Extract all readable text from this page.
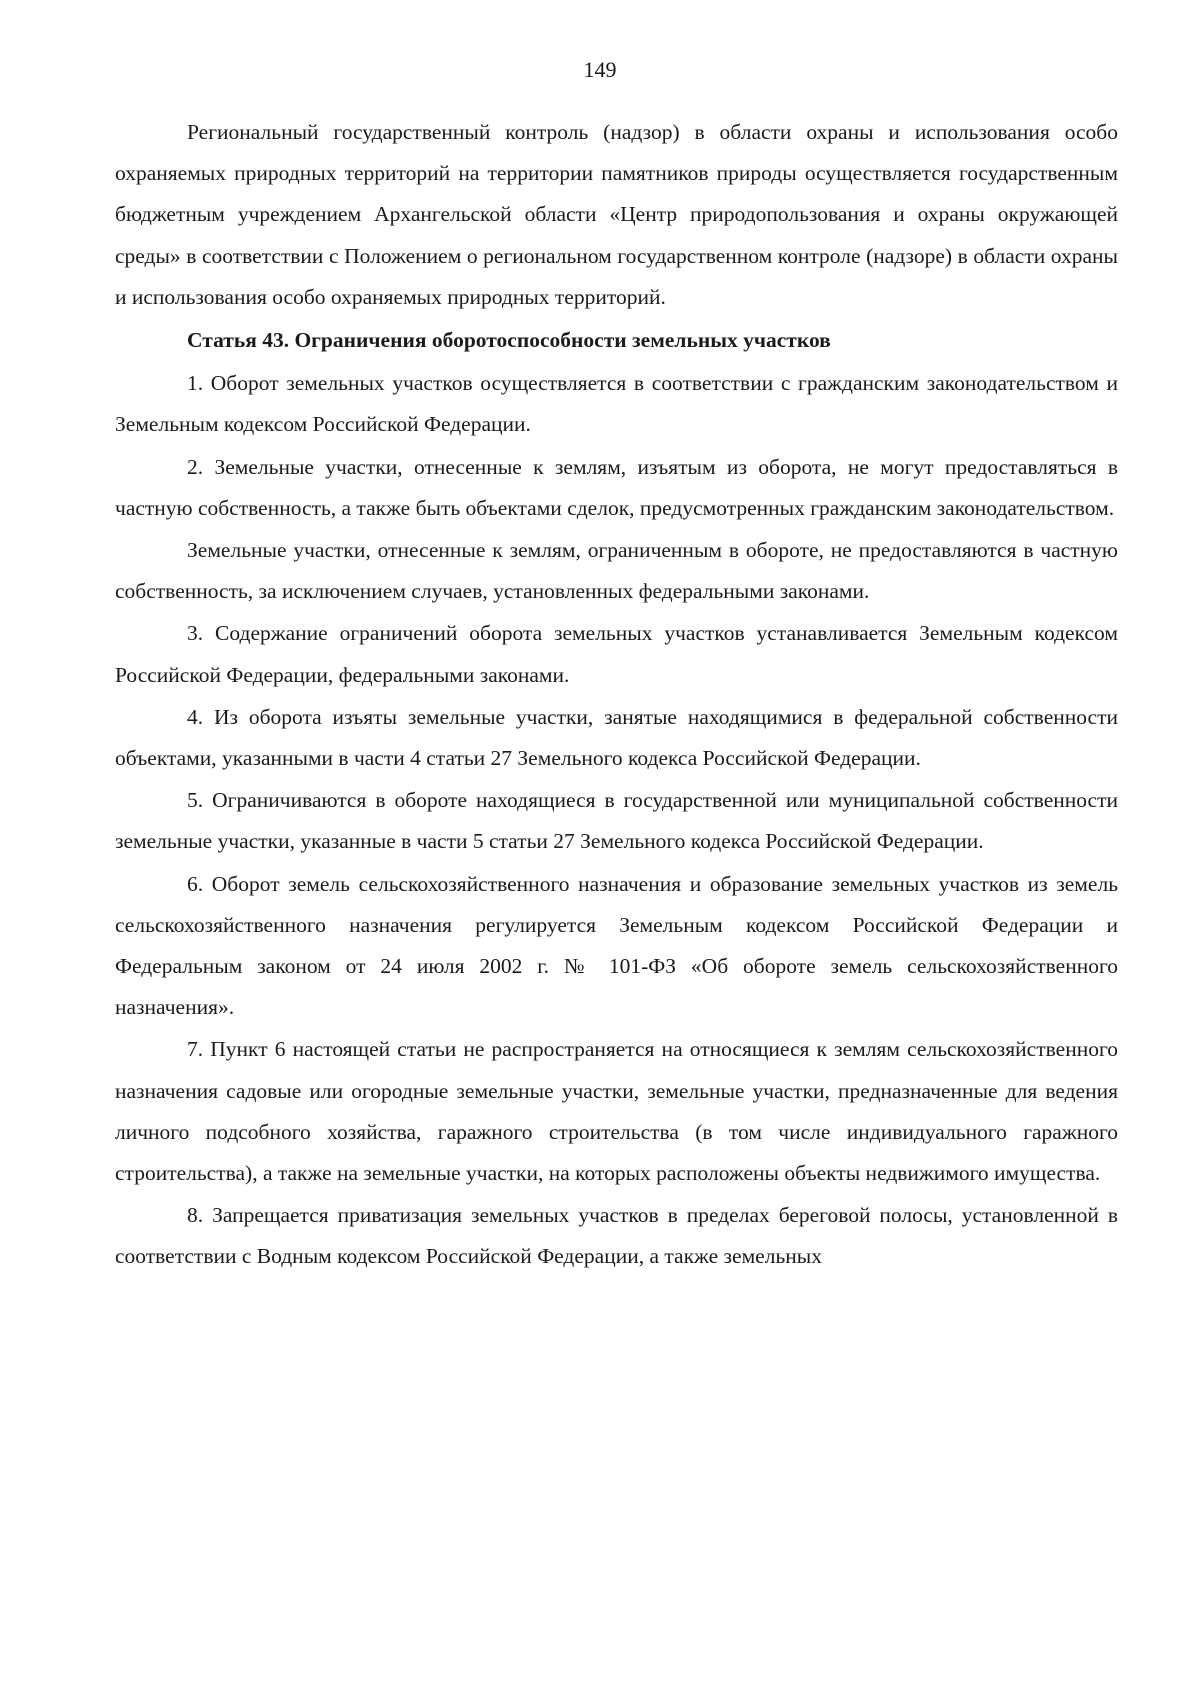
149

Региональный государственный контроль (надзор) в области охраны и использования особо охраняемых природных территорий на территории памятников природы осуществляется государственным бюджетным учреждением Архангельской области «Центр природопользования и охраны окружающей среды» в соответствии с Положением о региональном государственном контроле (надзоре) в области охраны и использования особо охраняемых природных территорий.

Статья 43. Ограничения оборотоспособности земельных участков

1. Оборот земельных участков осуществляется в соответствии с гражданским законодательством и Земельным кодексом Российской Федерации.

2. Земельные участки, отнесенные к землям, изъятым из оборота, не могут предоставляться в частную собственность, а также быть объектами сделок, предусмотренных гражданским законодательством.

Земельные участки, отнесенные к землям, ограниченным в обороте, не предоставляются в частную собственность, за исключением случаев, установленных федеральными законами.

3. Содержание ограничений оборота земельных участков устанавливается Земельным кодексом Российской Федерации, федеральными законами.

4. Из оборота изъяты земельные участки, занятые находящимися в федеральной собственности объектами, указанными в части 4 статьи 27 Земельного кодекса Российской Федерации.

5. Ограничиваются в обороте находящиеся в государственной или муниципальной собственности земельные участки, указанные в части 5 статьи 27 Земельного кодекса Российской Федерации.

6. Оборот земель сельскохозяйственного назначения и образование земельных участков из земель сельскохозяйственного назначения регулируется Земельным кодексом Российской Федерации и Федеральным законом от 24 июля 2002 г. № 101-ФЗ «Об обороте земель сельскохозяйственного назначения».

7. Пункт 6 настоящей статьи не распространяется на относящиеся к землям сельскохозяйственного назначения садовые или огородные земельные участки, земельные участки, предназначенные для ведения личного подсобного хозяйства, гаражного строительства (в том числе индивидуального гаражного строительства), а также на земельные участки, на которых расположены объекты недвижимого имущества.

8. Запрещается приватизация земельных участков в пределах береговой полосы, установленной в соответствии с Водным кодексом Российской Федерации, а также земельных
